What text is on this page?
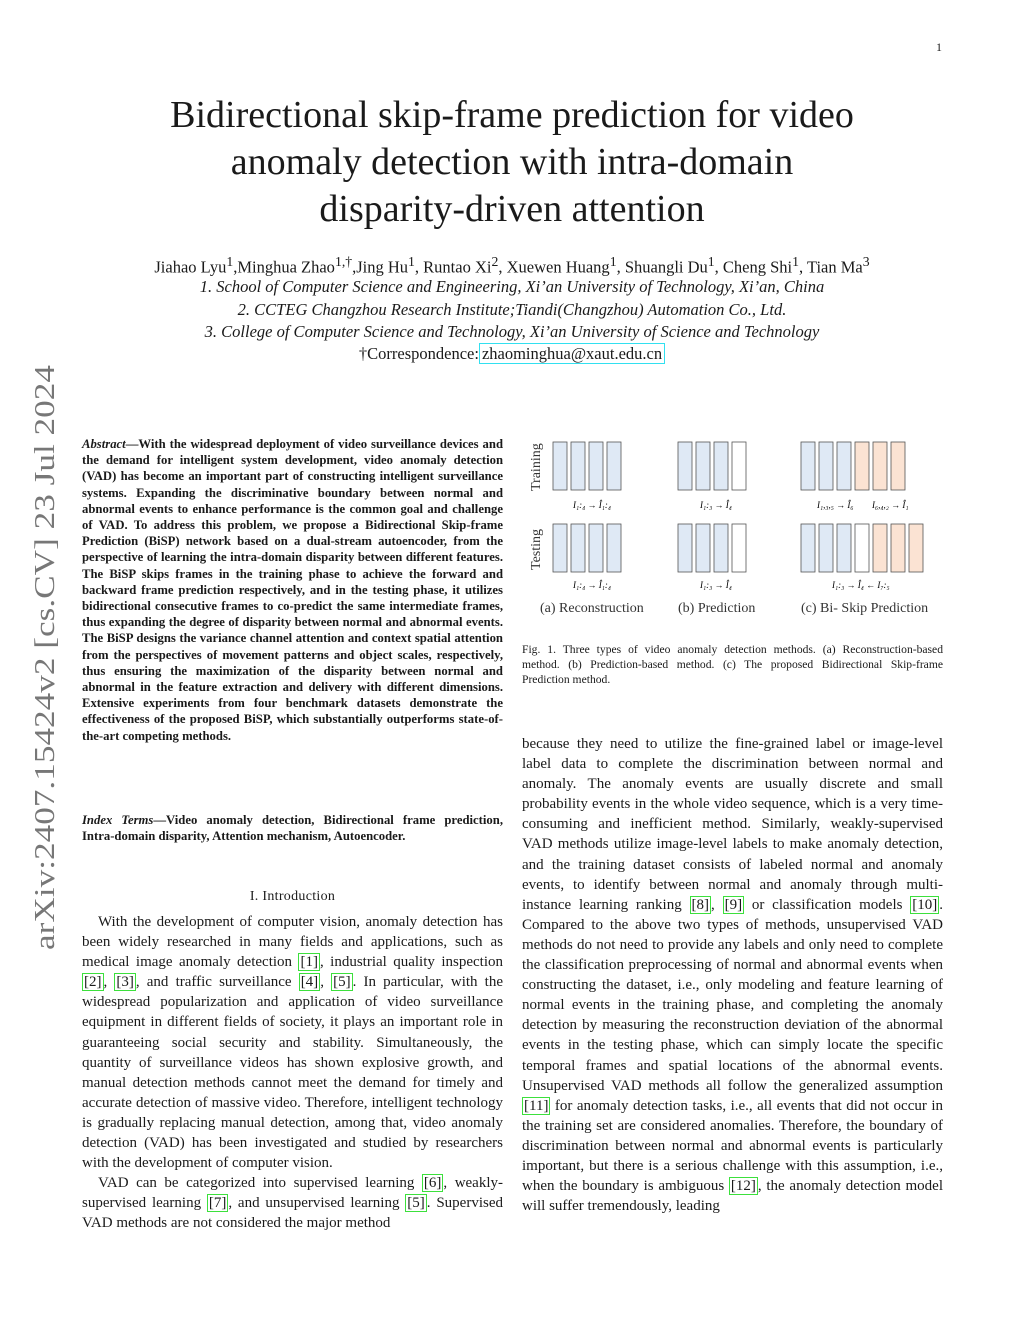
1
arXiv:2407.15424v2 [cs.CV] 23 Jul 2024
Bidirectional skip-frame prediction for video
anomaly detection with intra-domain
disparity-driven attention
Jiahao Lyu$^1$,Minghua Zhao$^{1,\dagger}$,Jing Hu$^1$, Runtao Xi$^2$, Xuewen Huang$^1$, Shuangli Du$^1$, Cheng Shi$^1$, Tian Ma$^3$
1. School of Computer Science and Engineering, Xi’an University of Technology, Xi’an, China
2. CCTEG Changzhou Research Institute;Tiandi(Changzhou) Automation Co., Ltd.
3. College of Computer Science and Technology, Xi’an University of Science and Technology
†Correspondence: zhaominghua@xaut.edu.cn
Abstract—With the widespread deployment of video surveillance devices and the demand for intelligent system development, video anomaly detection (VAD) has become an important part of constructing intelligent surveillance systems. Expanding the discriminative boundary between normal and abnormal events to enhance performance is the common goal and challenge of VAD. To address this problem, we propose a Bidirectional Skip-frame Prediction (BiSP) network based on a dual-stream autoencoder, from the perspective of learning the intra-domain disparity between different features. The BiSP skips frames in the training phase to achieve the forward and backward frame prediction respectively, and in the testing phase, it utilizes bidirectional consecutive frames to co-predict the same intermediate frames, thus expanding the degree of disparity between normal and abnormal events. The BiSP designs the variance channel attention and context spatial attention from the perspectives of movement patterns and object scales, respectively, thus ensuring the maximization of the disparity between normal and abnormal in the feature extraction and delivery with different dimensions. Extensive experiments from four benchmark datasets demonstrate the effectiveness of the proposed BiSP, which substantially outperforms state-of-the-art competing methods.
Index Terms—Video anomaly detection, Bidirectional frame prediction, Intra-domain disparity, Attention mechanism, Autoencoder.
I. Introduction

With the development of computer vision, anomaly detection has been widely researched in many fields and applications, such as medical image anomaly detection [1] , industrial quality inspection [2] , [3] , and traffic surveillance [4] , [5] . In particular, with the widespread popularization and application of video surveillance equipment in different fields of society, it plays an important role in guaranteeing social security and stability. Simultaneously, the quantity of surveillance videos has shown explosive growth, and manual detection methods cannot meet the demand for timely and accurate detection of massive video. Therefore, intelligent technology is gradually replacing manual detection, among that, video anomaly detection (VAD) has been investigated and studied by researchers with the development of computer vision.

VAD can be categorized into supervised learning [6] , weakly-supervised learning [7] , and unsupervised learning [5] . Supervised VAD methods are not considered the major method

Training
Testing
I₁:₄ → Î₁:₄	I₁:₃ → Î₄	I₁,₃,₅ → Î₆ I₆,₄,₂ → Î₁
I₁:₄ → Î₁:₄	I₁:₃ → Î₄	I₁:₃ → Î₄ ← I₇:₅
(a) Reconstruction (b) Prediction	(c) Bi- Skip Prediction
Fig. 1. Three types of video anomaly detection methods. (a) Reconstruction-based method. (b) Prediction-based method. (c) The proposed Bidirectional Skip-frame Prediction method.

because they need to utilize the fine-grained label or image-level label data to complete the discrimination between normal and anomaly. The anomaly events are usually discrete and small probability events in the whole video sequence, which is a very time-consuming and inefficient method. Similarly, weakly-supervised VAD methods utilize image-level labels to make anomaly detection, and the training dataset consists of labeled normal and anomaly events, to identify between normal and anomaly through multi-instance learning ranking [8] , [9] or classification models [10] . Compared to the above two types of methods, unsupervised VAD methods do not need to provide any labels and only need to complete the classification preprocessing of normal and abnormal events when constructing the dataset, i.e., only modeling and feature learning of normal events in the training phase, and completing the anomaly detection by measuring the reconstruction deviation of the abnormal events in the testing phase, which can simply locate the specific temporal frames and spatial locations of the abnormal events. Unsupervised VAD methods all follow the generalized assumption [11] for anomaly detection tasks, i.e., all events that did not occur in the training set are considered anomalies. Therefore, the boundary of discrimination between normal and abnormal events is particularly important, but there is a serious challenge with this assumption, i.e., when the boundary is ambiguous [12] , the anomaly detection model will suffer tremendously, leading
